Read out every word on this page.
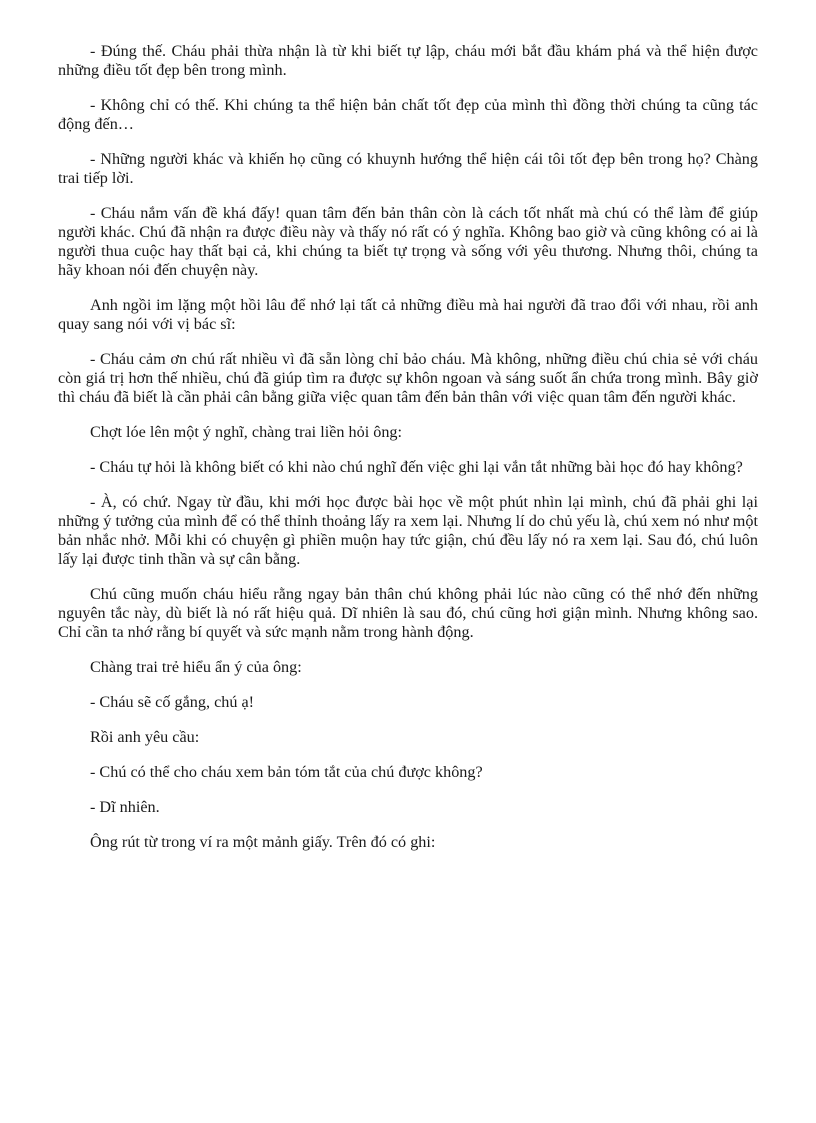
- Đúng thế. Cháu phải thừa nhận là từ khi biết tự lập, cháu mới bắt đầu khám phá và thể hiện được những điều tốt đẹp bên trong mình.

- Không chỉ có thế. Khi chúng ta thể hiện bản chất tốt đẹp của mình thì đồng thời chúng ta cũng tác động đến…

- Những người khác và khiến họ cũng có khuynh hướng thể hiện cái tôi tốt đẹp bên trong họ? Chàng trai tiếp lời.

- Cháu nắm vấn đề khá đấy! quan tâm đến bản thân còn là cách tốt nhất mà chú có thể làm để giúp người khác. Chú đã nhận ra được điều này và thấy nó rất có ý nghĩa. Không bao giờ và cũng không có ai là người thua cuộc hay thất bại cả, khi chúng ta biết tự trọng và sống với yêu thương. Nhưng thôi, chúng ta hãy khoan nói đến chuyện này.

Anh ngồi im lặng một hồi lâu để nhớ lại tất cả những điều mà hai người đã trao đổi với nhau, rồi anh quay sang nói với vị bác sĩ:

- Cháu cảm ơn chú rất nhiều vì đã sẵn lòng chỉ bảo cháu. Mà không, những điều chú chia sẻ với cháu còn giá trị hơn thế nhiều, chú đã giúp tìm ra được sự khôn ngoan và sáng suốt ẩn chứa trong mình. Bây giờ thì cháu đã biết là cần phải cân bằng giữa việc quan tâm đến bản thân với việc quan tâm đến người khác.

Chợt lóe lên một ý nghĩ, chàng trai liền hỏi ông:

- Cháu tự hỏi là không biết có khi nào chú nghĩ đến việc ghi lại vắn tắt những bài học đó hay không?

- À, có chứ. Ngay từ đầu, khi mới học được bài học về một phút nhìn lại mình, chú đã phải ghi lại những ý tưởng của mình để có thể thỉnh thoảng lấy ra xem lại. Nhưng lí do chủ yếu là, chú xem nó như một bản nhắc nhở. Mỗi khi có chuyện gì phiền muộn hay tức giận, chú đều lấy nó ra xem lại. Sau đó, chú luôn lấy lại được tinh thần và sự cân bằng.

Chú cũng muốn cháu hiểu rằng ngay bản thân chú không phải lúc nào cũng có thể nhớ đến những nguyên tắc này, dù biết là nó rất hiệu quả. Dĩ nhiên là sau đó, chú cũng hơi giận mình. Nhưng không sao. Chỉ cần ta nhớ rằng bí quyết và sức mạnh nằm trong hành động.

Chàng trai trẻ hiểu ẩn ý của ông:

- Cháu sẽ cố gắng, chú ạ!

Rồi anh yêu cầu:

- Chú có thể cho cháu xem bản tóm tắt của chú được không?

- Dĩ nhiên.

Ông rút từ trong ví ra một mảnh giấy. Trên đó có ghi:
